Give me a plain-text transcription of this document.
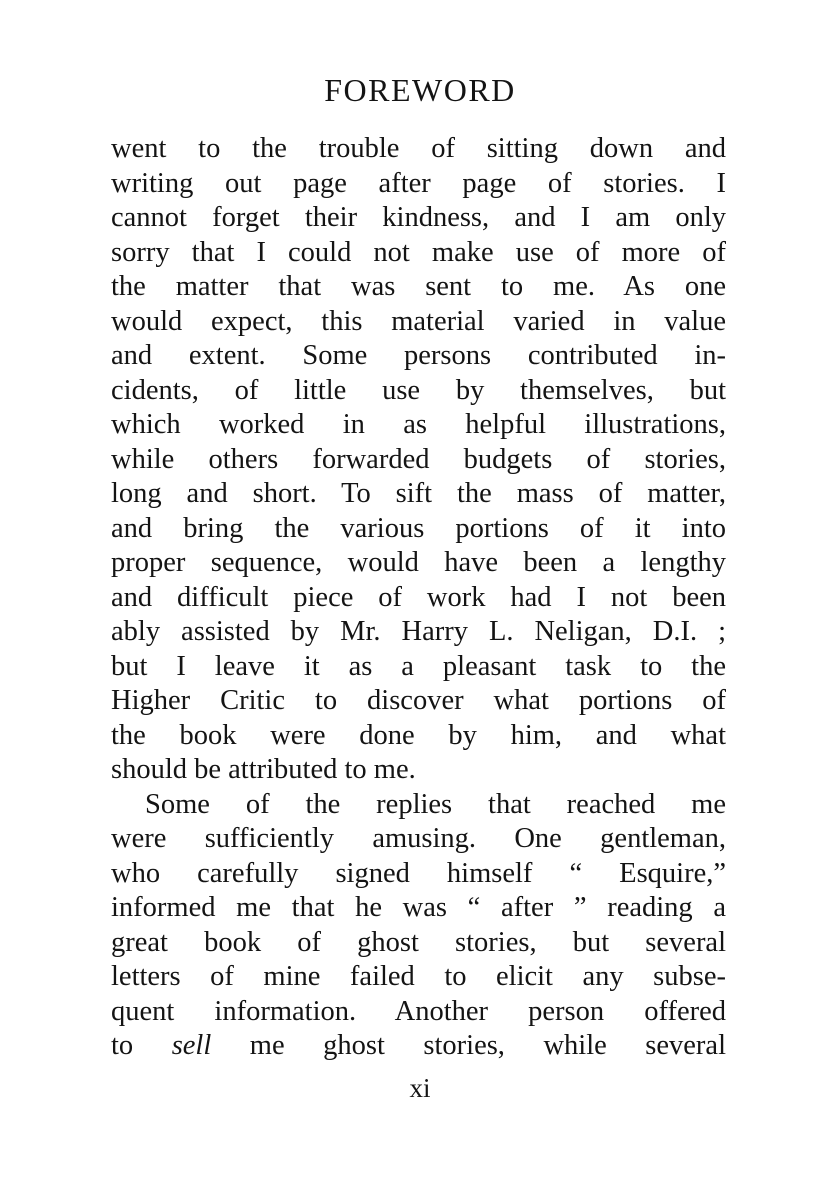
FOREWORD
went to the trouble of sitting down and
writing out page after page of stories. I
cannot forget their kindness, and I am only
sorry that I could not make use of more of
the matter that was sent to me. As one
would expect, this material varied in value
and extent. Some persons contributed in-
cidents, of little use by themselves, but
which worked in as helpful illustrations,
while others forwarded budgets of stories,
long and short. To sift the mass of matter,
and bring the various portions of it into
proper sequence, would have been a lengthy
and difficult piece of work had I not been
ably assisted by Mr. Harry L. Neligan, D.I. ;
but I leave it as a pleasant task to the
Higher Critic to discover what portions of
the book were done by him, and what
should be attributed to me.
Some of the replies that reached me
were sufficiently amusing. One gentleman,
who carefully signed himself “ Esquire,”
informed me that he was “ after ” reading a
great book of ghost stories, but several
letters of mine failed to elicit any subse-
quent information. Another person offered
to sell me ghost stories, while several
xi
